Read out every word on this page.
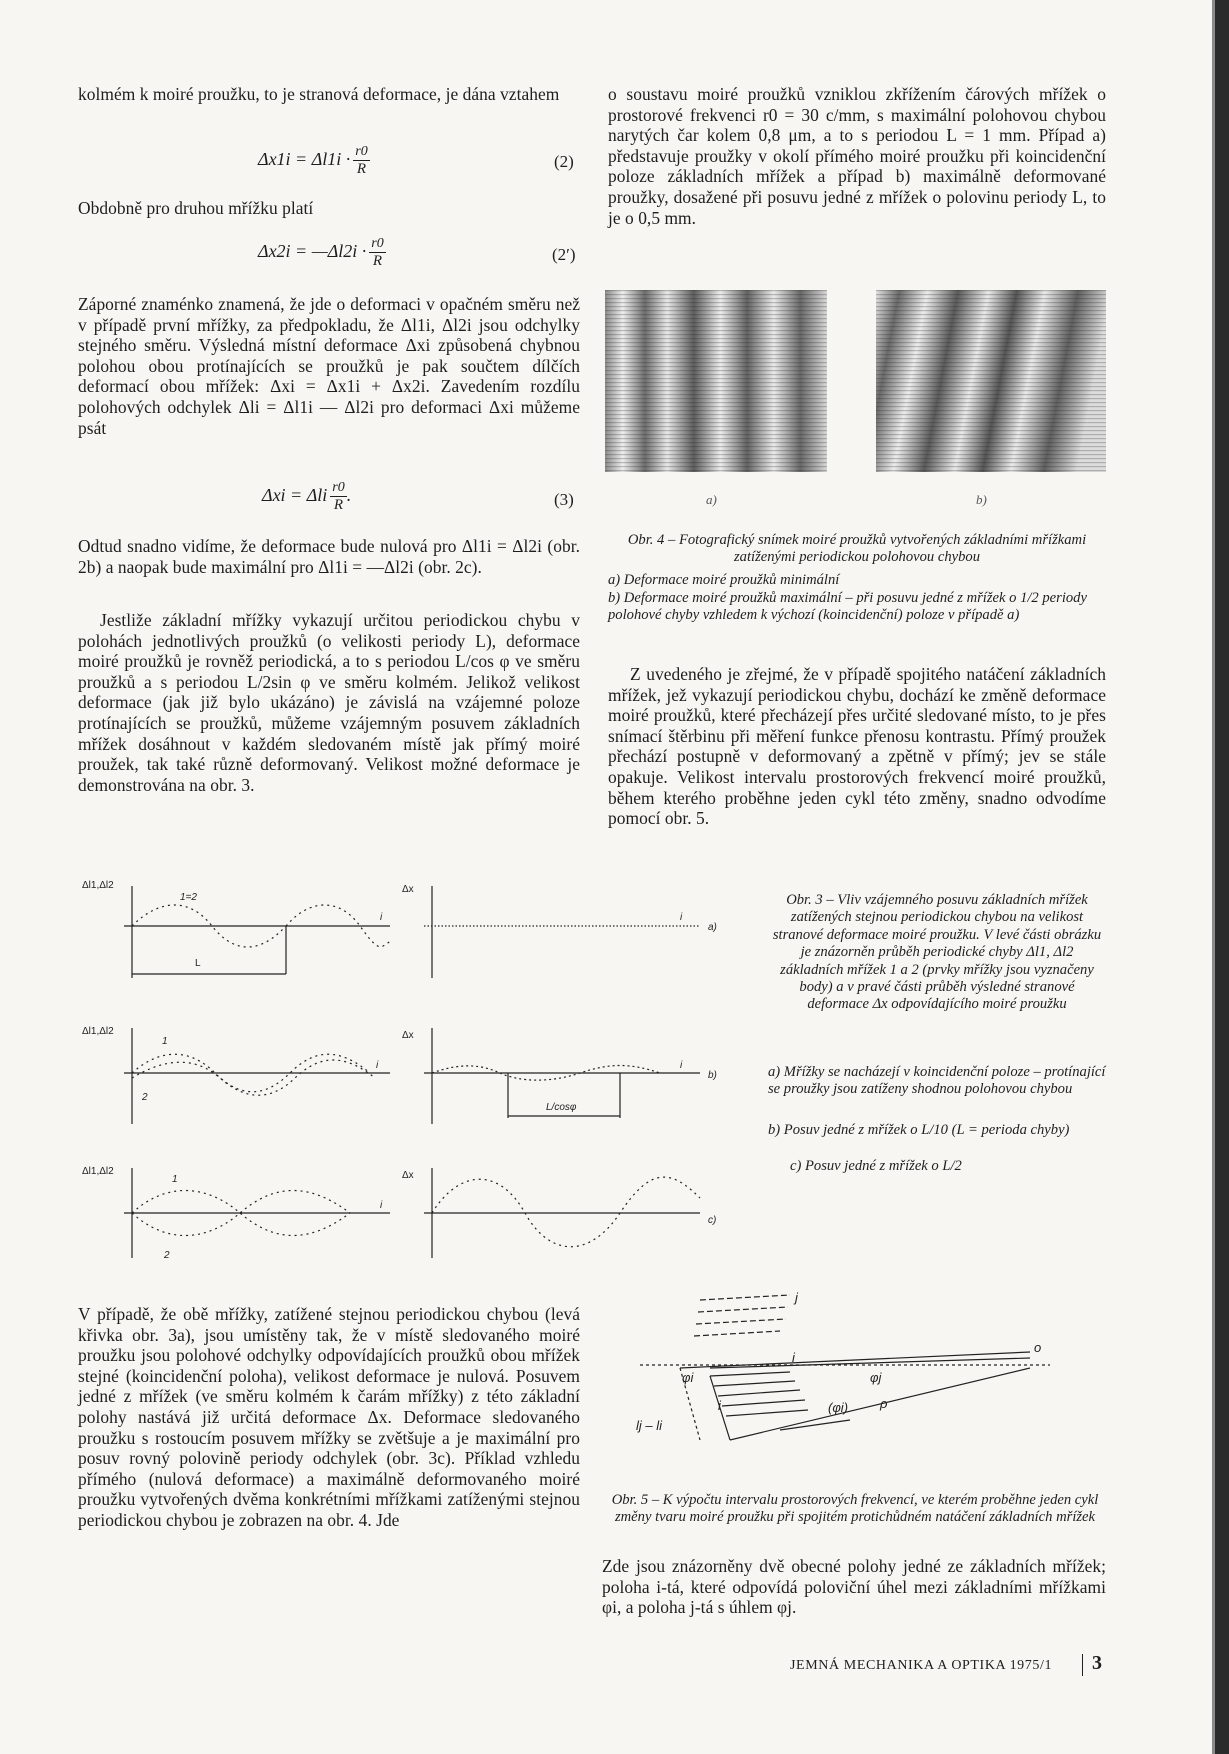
kolmém k moiré proužku, to je stranová deformace, je dána vztahem

$\Delta x1i = \Delta l1i \cdot \frac{r0}{R}$	(2)

Obdobně pro druhou mřížku platí

Δx2i = —Δl2i · $\frac{r0}{R}$	(2′)

Záporné znaménko znamená, že jde o deformaci v opačném směru než v případě první mřížky, za předpokladu, že Δl1i, Δl2i jsou odchylky stejného směru. Výsledná místní deformace Δxi způsobená chybnou polohou obou protínajících se proužků je pak součtem dílčích deformací obou mřížek: Δxi = Δx1i + Δx2i. Zavedením rozdílu polohových odchylek Δli = Δl1i — Δl2i pro deformaci Δxi můžeme psát

Δxi = Δli $\frac{r0}{R}$ .	(3)

Odtud snadno vidíme, že deformace bude nulová pro Δl1i = Δl2i (obr. 2b) a naopak bude maximální pro Δl1i = —Δl2i (obr. 2c).

Jestliže základní mřížky vykazují určitou periodickou chybu v polohách jednotlivých proužků (o velikosti periody L), deformace moiré proužků je rovněž periodická, a to s periodou L/cos φ ve směru proužků a s periodou L/2sin φ ve směru kolmém. Jelikož velikost deformace (jak již bylo ukázáno) je závislá na vzájemné poloze protínajících se proužků, můžeme vzájemným posuvem základních mřížek dosáhnout v každém sledovaném místě jak přímý moiré proužek, tak také různě deformovaný. Velikost možné deformace je demonstrována na obr. 3.

Δl1,Δl2	Δx
1=2
i	i
L
a)
Δl1,Δl2	Δx
1
2
i	i
L/cosφ
b)
Δl1,Δl2	Δx
1
2
i
c)

V případě, že obě mřížky, zatížené stejnou periodickou chybou (levá křivka obr. 3a), jsou umístěny tak, že v místě sledovaného moiré proužku jsou polohové odchylky odpovídajících proužků obou mřížek stejné (koincidenční poloha), velikost deformace je nulová. Posuvem jedné z mřížek (ve směru kolmém k čarám mřížky) z této základní polohy nastává již určitá deformace Δx. Deformace sledovaného proužku s rostoucím posuvem mřížky se zvětšuje a je maximální pro posuv rovný polovině periody odchylek (obr. 3c). Příklad vzhledu přímého (nulová deformace) a maximálně deformovaného moiré proužku vytvořených dvěma konkrétními mřížkami zatíženými stejnou periodickou chybou je zobrazen na obr. 4. Jde

o soustavu moiré proužků vzniklou zkřížením čárových mřížek o prostorové frekvenci r0 = 30 c/mm, s maximální polohovou chybou narytých čar kolem 0,8 μm, a to s periodou L = 1 mm. Případ a) představuje proužky v okolí přímého moiré proužku při koincidenční poloze základních mřížek a případ b) maximálně deformované proužky, dosažené při posuvu jedné z mřížek o polovinu periody L, to je o 0,5 mm.

a)	b)

Obr. 4 – Fotografický snímek moiré proužků vytvořených základními mřížkami zatíženými periodickou polohovou chybou

a) Deformace moiré proužků minimální

b) Deformace moiré proužků maximální – při posuvu jedné z mřížek o 1/2 periody polohové chyby vzhledem k výchozí (koincidenční) poloze v případě a)

Z uvedeného je zřejmé, že v případě spojitého natáčení základních mřížek, jež vykazují periodickou chybu, dochází ke změně deformace moiré proužků, které přecházejí přes určité sledované místo, to je přes snímací štěrbinu při měření funkce přenosu kontrastu. Přímý proužek přechází postupně v deformovaný a zpětně v přímý; jev se stále opakuje. Velikost intervalu prostorových frekvencí moiré proužků, během kterého proběhne jeden cykl této změny, snadno odvodíme pomocí obr. 5.

Obr. 3 – Vliv vzájemného posuvu základních mřížek zatížených stejnou periodickou chybou na velikost stranové deformace moiré proužku. V levé části obrázku je znázorněn průběh periodické chyby Δl1, Δl2 základních mřížek 1 a 2 (prvky mřížky jsou vyznačeny body) a v pravé části průběh výsledné stranové deformace Δx odpovídajícího moiré proužku

a) Mřížky se nacházejí v koincidenční poloze – protínající se proužky jsou zatíženy shodnou polohovou chybou

b) Posuv jedné z mřížek o L/10 (L = perioda chyby)

c) Posuv jedné z mřížek o L/2

j
i
i
o
φi	φj
(φi) ρ
lj – li

Obr. 5 – K výpočtu intervalu prostorových frekvencí, ve kterém proběhne jeden cykl změny tvaru moiré proužku při spojitém protichůdném natáčení základních mřížek

Zde jsou znázorněny dvě obecné polohy jedné ze základních mřížek; poloha i-tá, které odpovídá poloviční úhel mezi základními mřížkami φi, a poloha j-tá s úhlem φj.

JEMNÁ MECHANIKA A OPTIKA 1975/1 3
